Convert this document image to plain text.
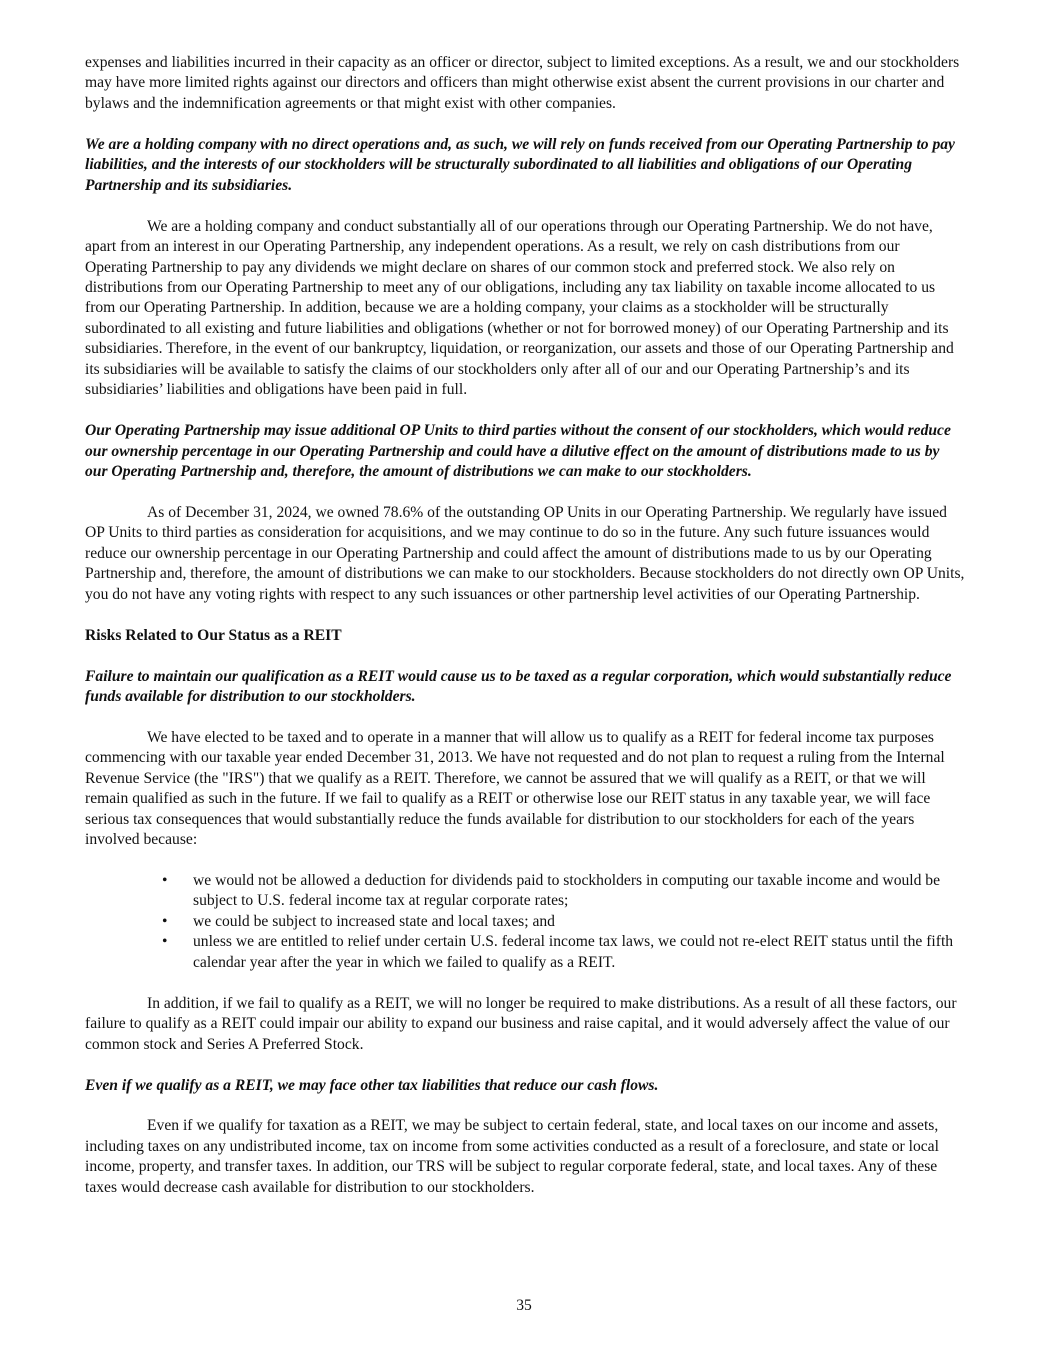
expenses and liabilities incurred in their capacity as an officer or director, subject to limited exceptions. As a result, we and our stockholders may have more limited rights against our directors and officers than might otherwise exist absent the current provisions in our charter and bylaws and the indemnification agreements or that might exist with other companies.

We are a holding company with no direct operations and, as such, we will rely on funds received from our Operating Partnership to pay liabilities, and the interests of our stockholders will be structurally subordinated to all liabilities and obligations of our Operating Partnership and its subsidiaries.

We are a holding company and conduct substantially all of our operations through our Operating Partnership. We do not have, apart from an interest in our Operating Partnership, any independent operations. As a result, we rely on cash distributions from our Operating Partnership to pay any dividends we might declare on shares of our common stock and preferred stock. We also rely on distributions from our Operating Partnership to meet any of our obligations, including any tax liability on taxable income allocated to us from our Operating Partnership. In addition, because we are a holding company, your claims as a stockholder will be structurally subordinated to all existing and future liabilities and obligations (whether or not for borrowed money) of our Operating Partnership and its subsidiaries. Therefore, in the event of our bankruptcy, liquidation, or reorganization, our assets and those of our Operating Partnership and its subsidiaries will be available to satisfy the claims of our stockholders only after all of our and our Operating Partnership’s and its subsidiaries’ liabilities and obligations have been paid in full.

Our Operating Partnership may issue additional OP Units to third parties without the consent of our stockholders, which would reduce our ownership percentage in our Operating Partnership and could have a dilutive effect on the amount of distributions made to us by our Operating Partnership and, therefore, the amount of distributions we can make to our stockholders.

As of December 31, 2024, we owned 78.6% of the outstanding OP Units in our Operating Partnership. We regularly have issued OP Units to third parties as consideration for acquisitions, and we may continue to do so in the future. Any such future issuances would reduce our ownership percentage in our Operating Partnership and could affect the amount of distributions made to us by our Operating Partnership and, therefore, the amount of distributions we can make to our stockholders. Because stockholders do not directly own OP Units, you do not have any voting rights with respect to any such issuances or other partnership level activities of our Operating Partnership.

Risks Related to Our Status as a REIT

Failure to maintain our qualification as a REIT would cause us to be taxed as a regular corporation, which would substantially reduce funds available for distribution to our stockholders.

We have elected to be taxed and to operate in a manner that will allow us to qualify as a REIT for federal income tax purposes commencing with our taxable year ended December 31, 2013. We have not requested and do not plan to request a ruling from the Internal Revenue Service (the "IRS") that we qualify as a REIT. Therefore, we cannot be assured that we will qualify as a REIT, or that we will remain qualified as such in the future. If we fail to qualify as a REIT or otherwise lose our REIT status in any taxable year, we will face serious tax consequences that would substantially reduce the funds available for distribution to our stockholders for each of the years involved because:

• we would not be allowed a deduction for dividends paid to stockholders in computing our taxable income and would be subject to U.S. federal income tax at regular corporate rates;
• we could be subject to increased state and local taxes; and
• unless we are entitled to relief under certain U.S. federal income tax laws, we could not re-elect REIT status until the fifth calendar year after the year in which we failed to qualify as a REIT.

In addition, if we fail to qualify as a REIT, we will no longer be required to make distributions. As a result of all these factors, our failure to qualify as a REIT could impair our ability to expand our business and raise capital, and it would adversely affect the value of our common stock and Series A Preferred Stock.

Even if we qualify as a REIT, we may face other tax liabilities that reduce our cash flows.

Even if we qualify for taxation as a REIT, we may be subject to certain federal, state, and local taxes on our income and assets, including taxes on any undistributed income, tax on income from some activities conducted as a result of a foreclosure, and state or local income, property, and transfer taxes. In addition, our TRS will be subject to regular corporate federal, state, and local taxes. Any of these taxes would decrease cash available for distribution to our stockholders.

35
